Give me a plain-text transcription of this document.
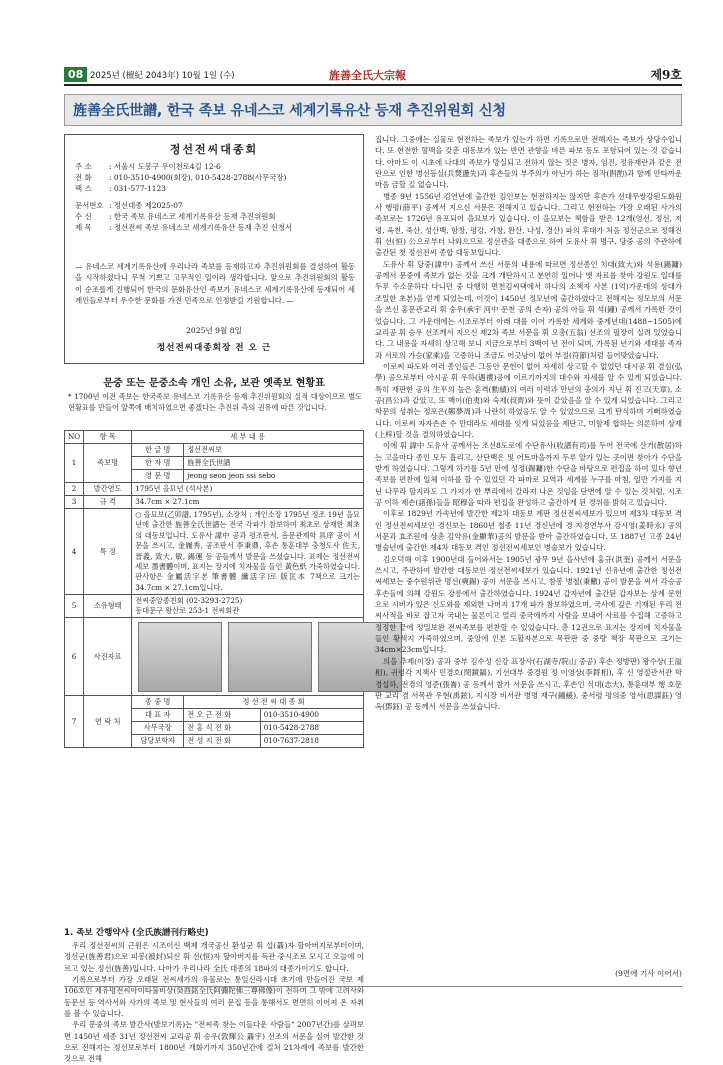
08 2025년 (檀紀 2043年) 10월 1일 (수)	旌善全氏大宗報	제9호
旌善全氏世譜, 한국 족보 유네스코 세계기록유산 등재 추진위원회 신청
정선전씨대종회
주 소 : 서울시 도봉구 우이천로4길 12-6
전 화 : 010-3510-4900(회장), 010-5428-2788(사무국장)
팩 스 : 031-577-1123
문서번호 : 정선대종 제2025-07
수 신 : 한국 족보 유네스코 세계기록유산 등재 추진위원회
제 목 : 정선전씨 족보 유네스코 세계기록유산 등재 추진 신청서
— 유네스코 세계기록유산에 우리나라 족보를 등재하고자 추진위원회를 결성하여 활동을 시작하셨다니 무척 기쁘고 고무적인 일이라 생각합니다. 앞으로 추진위원회의 활동이 순조롭게 진행되어 한국의 문화유산인 족보가 유네스코 세계기록유산에 등재되어 세계인들로부터 우수한 문화를 가진 민족으로 인정받길 기원합니다. —
2025년 9월 8일
정선전씨대종회장 전 오 근
문중 또는 문중소속 개인 소유, 보관 옛족보 현황표
* 1700년 이전 족보는 한국족보 유네스코 기록유산 등재 추진위원회의 실적 대상이므로 별도 현황표를 만들어 앞쪽에 배치하였으면 좋겠다는 추진위 측의 권유에 따른 것입니다.
NO	항 목	세 부 내 용		
1	족보명	한 글 명	정선전씨보	
		한 자 명	旌善全氏世譜	
		영 문 명	jeong seon jeon ssi sebo	
2	발간연도	1795년 을묘년 (석사본)		
3	규 격	34.7cm × 27.1cm		
4	특 징	○ 을묘보(乙卯譜, 1795년), 소장처 : 개인소장 1795년 정조 19년 을묘년에 출간한 旌善全氏世譜는 전국 각파가 참보하여 최초로 상재한 최초의 대동보입니다. 도유사 諱中 공과 평조판서, 흥문관제학 具庠 공이 서문을 쓰시고, 金履秀, 공조판서 李秉鼎, 후손 통훈대부 충청도사 佐天, 晉義, 致大, 敏, 錫運 등 공들께서 발문을 쓰셨습니다. 표제는 정선전씨세보 墨書體이며, 표지는 장지에 치자물을 들인 黃色紙 가죽하였습니다. 판사항은 金屬活字본 筆書體 纖活字)로 版匡本 7책으로 크기는 34.7cm × 27.1cm입니다.		
5	소유형태	전씨중앙종친회 (02-3293-2725)
동대문구 왕산로 253-1 전씨회관		

6	사진자료			

7	연 락 처	종 중 명	정 선 전 씨 대 종 회	
		대 표 자	전 오 근 전 화	010-3510-4900
		사무국장	전 홍 식 전 화	010-5428-2788
		담당보학자	전 성 지 전 화	010-7637-2818
1. 족보 간행약사 (全氏族譜刊行略史)

우리 정선전씨의 근원은 시조이신 백제 개국공신 환성군 휘 섭(聶)자 할아버지로부터이며, 정선군(旌善君)으로 피봉(被封)되신 휘 선(恒)자 할아버지를 득관 중시조로 모시고 오늘에 이르고 있는 정선(旌善)입니다. 나아가 우리나라 全氏 대종의 18파의 대종가이기도 합니다.

기록으로부터 가장 오래된 전씨세가의 유물로는 통일신라시대 초기에 만들어진 국보 제106호인 계유명전씨아미타불비상(癸酉銘全氏阿彌陀佛三尊佛像)이 전하며 그 밖에 고려사와 동문선 등 역사서와 사가의 족보 및 현사들의 여러 문집 등을 통해서도 면면히 이어져 온 자취를 볼 수 있습니다.

우리 문중의 족보 발간사(발보기록)는 "전씨족 찾는 이들다운 사람들" 2007년간)를 살펴보면 1450년 세종 31년 정선전씨 교리공 휘 승우(敦輝公 聶宇) 선조의 서문을 실어 발간한 것으로 전해지는 정선보로부터 1800년 개화기까지 350년간에 걸쳐 21차례에 족보를 발간한 것으로 전해

집니다. 그중에는 실물로 현전하는 족보가 있는가 하면 기록으로만 전해지는 족보가 상당수입니다. 또 현전한 혈맥을 갖춘 대동보가 있는 반면 관향을 바른 파보 등도 포함되어 있는 것 같습니다. 아마도 이 시초에 나대의 족보가 망실되고 전하지 않는 것은 병자, 임진, 정유재란과 같은 전란으로 인한 병선등실(兵燹盪失)과 후손들의 부주의가 아닌가 하는 짐작(斟酌)과 함께 안타까운 마음 금할 길 없습니다.

병종 9년 1556년 김연년에 출간한 김인보는 현전하지는 않지만 후손가 선대무쌍강원도화원사 행평(薛平) 공께서 지으신 서문은 전해지고 있습니다. 그리고 현전하는 가장 오래된 사가의 족보로는 1726년 유포되어 을묘보가 있습니다. 이 을묘보는 책함을 받은 12개(영선, 정선, 저령, 옥천, 죽산, 성산백, 함창, 평강, 가창, 완산, 나성, 경산) 파의 후대가 처음 정선군으로 정해진 휘 선(恒) 公으로부터 나와으므로 정선관을 대종으로 하여 도유사 휘 명구, 당중 공의 주관하에 출간된 첫 정선전씨 종합 대동보입니다.

도유사 휘 당중(諱中) 공께서 쓰신 서문의 내용에 따르면 정선종인 치대(致大)와 석용(錫鏞) 공께서 문중에 족보가 없는 것을 크게 개탄하시고 분연히 일어나 옛 자료를 찾아 강원도 일대를 두루 수소문하다 다니던 중 다행히 면천김씨댁에서 하나의 소책자 사본 (1억)가운데의 상대가 조밀한 초본)을 얻게 되었는데, 이것이 1450년 정모년에 출간하였다고 전해지는 정모보의 서문을 쓰신 홍문관교리 휘 숭우(承宇 河中 문천 공의 손자) 공의 아들 휘 석(鍾) 공께서 가록한 것이었습니다. 그 가운데에는 시조로부터 아래 대를 이어 가록한 세계와 중계년대(1488~1505)에 교리공 휘 승우 선조께서 지으신 제2차 족보 서문을 휘 오총(五翁) 선조의 필장이 실려 있었습니다. 그 내용을 자세히 상고해 보니 지금으로부터 3백여 년 전이 되며, 가록된 년기와 세대를 족자과 서로의 가승(家乘)을 고증하니 조금도 어긋남이 없어 부절(符節)처럼 들어맞았습니다.

이로써 파도와 여러 종인들은 그동안 문헌이 없어 자세히 상고할 수 없었던 대시공 휘 겸심(弘學) 공으로부터 아시공 휘 우하(遇禮)공에 이르기까지의 대수와 자세를 알 수 있게 되었습니다. 특히 재판한 공의 生平의 높은 훈격(勳績)의 여러 이력과 만년의 충의가 지닌 휘 진고(天章), 소공(昌公)과 같았고, 또 백이(伯夷)와 숙제(叔齊)와 뜻이 같았음을 알 수 있게 되었습니다. 그리고 학문의 성취는 정포은(鄭夢周)과 나란히 하였음도 알 수 있었으므로 크게 탄식하며 기뻐하였습니다. 이로써 자자손손 수 만대라도 세대를 잇게 되었음을 제단고, 미함제 합하는 의론하여 상재(上梓)할 것을 결의하였습니다.

이에 휘 諱中 도유사 공께서는 조선8도로에 수단유사(收譜有司)를 두어 전국에 산거(散居)하는 고을마다 종인 모두 흡리고, 산단백은 및 어트마을까지 두루 알가 있는 곳이면 찾아가 수단을 받게 하였습니다. 그렇게 하기를 5년 만에 성정(錫鏞)한 수단을 바탕으로 편집을 하여 있다 향년 족보를 편찬에 일체 이하를 할 수 있었던 각 파마로 묘역과 세계를 누구를 마침, 일만 가지를 지닌 나무라 할지라도 그 가지가 한 뿌리에서 갈라져 나온 것임을 단번에 알 수 있는 것처럼, 시조공 이하 제손(諸孫)들을 昭穆을 따라 편집을 완성하고 출간하게 된 경위를 밝혀고 있습니다.

이후로 1829년 가속년에 발간한 제2차 대동보 계판 정선전씨세보가 있으며 제3차 대동보 격인 정선전씨세보인 경신보는 1860년 철종 11년 경신년에 경 지경연부사 강시영(姜時永) 공의 서문과 효조원에 상총 김약유(金顯華)공의 발문을 받아 출간하였습니다. 또 1887년 고종 24년 병술년에 출간한 제4차 대동보 격인 정선전씨세보인 병술보가 있습니다.

김오덕해 이후 1900년대 들어와서는 1905년 광무 9년 을사년에 홍규(洪奎) 공께서 서문을 쓰시고, 주관하여 발간한 대동보인 정선전씨세보가 있습니다. 1921년 신유년에 출간한 정선전씨세보는 중수원위관 명선(奭錫) 공이 서문을 쓰시고, 참봉 병철(秉轍) 공이 발문을 써서 각승공 후손들에 의해 강원도 강릉에서 출간하였습니다. 1924년 갑자년에 출간된 갑자보는 상계 문헌으로 시비가 있은 신도와를 제외한 나머지 17개 파가 참보하였으며, 국사에 깊은 기재된 우리 전씨사적을 바로 잡고자 국내는 물론이고 멀리 중국에까지 사람을 보내어 사료를 수집해 고증하고 정정한 끝에 정밀보완 전씨족보를 편찬할 수 있었습니다. 총 12권으로 표지는 장지에 치자물을 들인 황색지 가죽하였으며, 중앙에 인본 도활자본으로 목판판 중 중량 책장 목판으로 크기는 34cm×23cm입니다.

의을 추제(이장) 공과 중부 김수성 신강 표장사(石湖寺/院山 중공) 후손 정방판) 왕수상(王溢相), 귀령각 지책사 민경호(閔鏡鎬), 기선대부 중경원 정 이영상(李鋝相), 후 신 영절관서관 학 경섭하, 전경의 영준(張崙) 공 등께서 참가 서문을 쓰시고, 후손인 식대(志大), 통훈대부 행 호문판 교리 겸 서목관 우현(禹鉉), 지시장 비서관 병명 재구(鍾緩), 중서령 평의중 영서(思謀鈺) 영옥(鄧鈺) 공 등께서 서문을 쓰셨습니다.

(9면에 기사 이어서)
